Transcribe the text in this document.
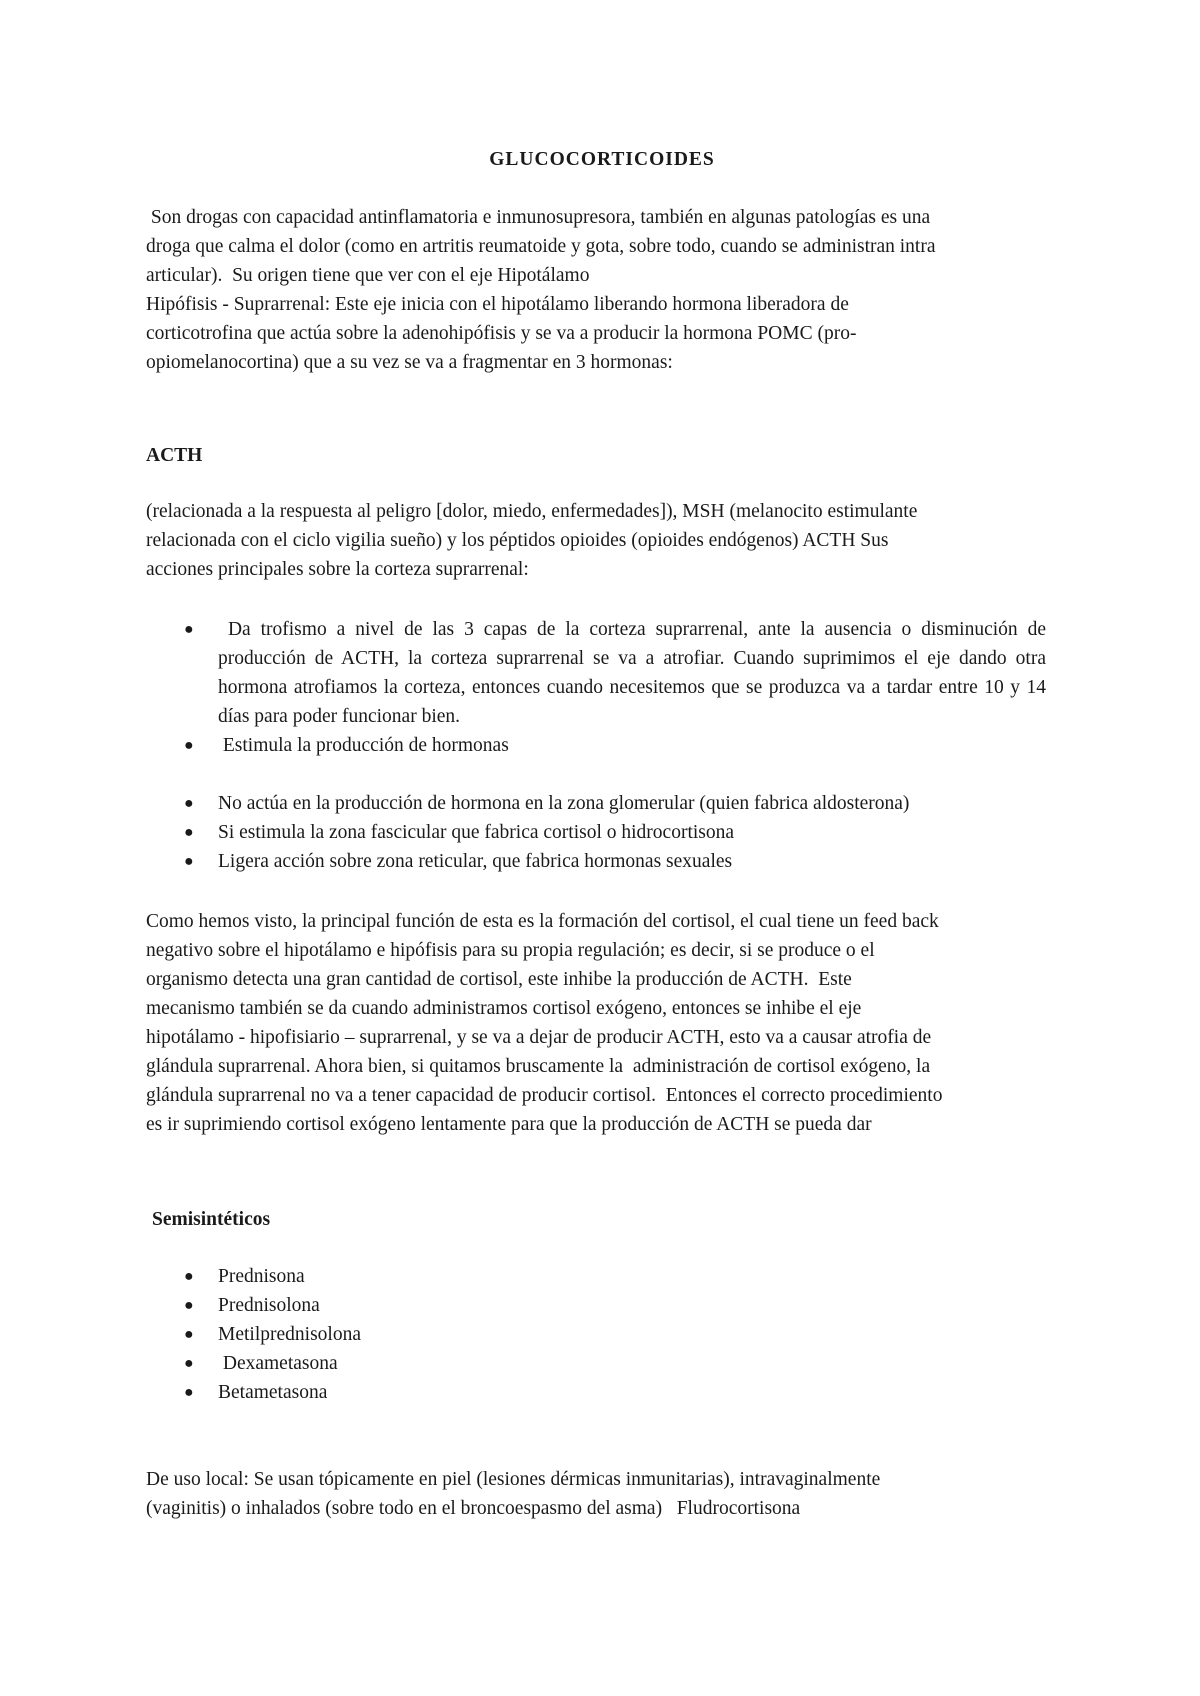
GLUCOCORTICOIDES
Son drogas con capacidad antinflamatoria e inmunosupresora, también en algunas patologías es una
droga que calma el dolor (como en artritis reumatoide y gota, sobre todo, cuando se administran intra
articular).  Su origen tiene que ver con el eje Hipotálamo
Hipófisis - Suprarrenal: Este eje inicia con el hipotálamo liberando hormona liberadora de
corticotrofina que actúa sobre la adenohipófisis y se va a producir la hormona POMC (pro-
opiomelanocortina) que a su vez se va a fragmentar en 3 hormonas:
ACTH
(relacionada a la respuesta al peligro [dolor, miedo, enfermedades]), MSH (melanocito estimulante
relacionada con el ciclo vigilia sueño) y los péptidos opioides (opioides endógenos) ACTH Sus
acciones principales sobre la corteza suprarrenal:
● Da trofismo a nivel de las 3 capas de la corteza suprarrenal, ante la ausencia o disminución de producción de ACTH, la corteza suprarrenal se va a atrofiar. Cuando suprimimos el eje dando otra hormona atrofiamos la corteza, entonces cuando necesitemos que se produzca va a tardar entre 10 y 14 días para poder funcionar bien.
● Estimula la producción de hormonas
● No actúa en la producción de hormona en la zona glomerular (quien fabrica aldosterona)
● Si estimula la zona fascicular que fabrica cortisol o hidrocortisona
● Ligera acción sobre zona reticular, que fabrica hormonas sexuales
Como hemos visto, la principal función de esta es la formación del cortisol, el cual tiene un feed back
negativo sobre el hipotálamo e hipófisis para su propia regulación; es decir, si se produce o el
organismo detecta una gran cantidad de cortisol, este inhibe la producción de ACTH.  Este
mecanismo también se da cuando administramos cortisol exógeno, entonces se inhibe el eje
hipotálamo - hipofisiario – suprarrenal, y se va a dejar de producir ACTH, esto va a causar atrofia de
glándula suprarrenal. Ahora bien, si quitamos bruscamente la  administración de cortisol exógeno, la
glándula suprarrenal no va a tener capacidad de producir cortisol.  Entonces el correcto procedimiento
es ir suprimiendo cortisol exógeno lentamente para que la producción de ACTH se pueda dar
Semisintéticos
● Prednisona
● Prednisolona
● Metilprednisolona
● Dexametasona
● Betametasona
De uso local: Se usan tópicamente en piel (lesiones dérmicas inmunitarias), intravaginalmente
(vaginitis) o inhalados (sobre todo en el broncoespasmo del asma)   Fludrocortisona
